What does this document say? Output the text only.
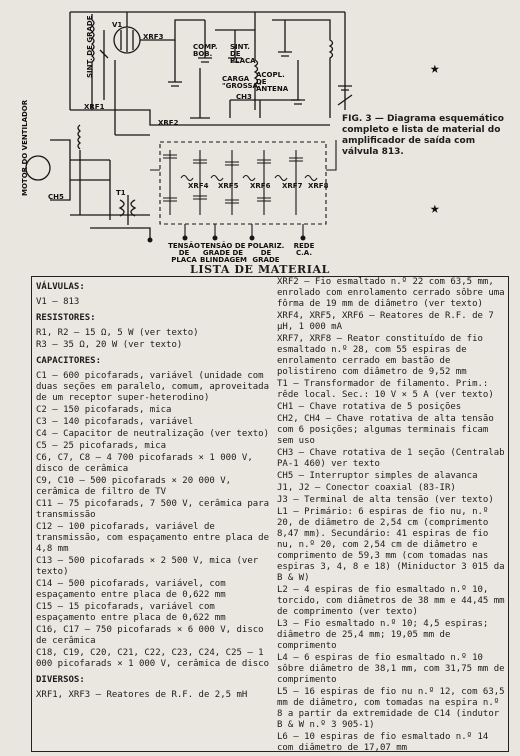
SINT. DE GRADE	V1
XRF3
COMP. BOB.
SINT. DE PLACA
CARGA "GROSSA"
ACOPL. DE ANTENA
CH3
XRF1
MOTOR DO VENTILADOR
CH5
XRF2
XRF4 XRF5 XRF6 XRF7 XRF8
T1
TENSÃO DE PLACA
TENSÃO DE GRADE DE BLINDAGEM
POLARIZ. DE GRADE
REDE C.A.
FIG. 3 — Diagrama esquemático completo e lista de material do amplificador de saída com válvula 813.
★
★
LISTA DE MATERIAL
VÁLVULAS:
V1 — 813
RESISTORES:
R1, R2 — 15 Ω, 5 W (ver texto)
R3 — 35 Ω, 20 W (ver texto)
CAPACITORES:
C1 — 600 picofarads, variável (unidade com duas seções em paralelo, comum, aproveitada de um receptor super-heterodino)
C2 — 150 picofarads, mica
C3 — 140 picofarads, variável
C4 — Capacitor de neutralização (ver texto)
C5 — 25 picofarads, mica
C6, C7, C8 — 4 700 picofarads × 1 000 V, disco de cerâmica
C9, C10 — 500 picofarads × 20 000 V, cerâmica de filtro de TV
C11 — 75 picofarads, 7 500 V, cerâmica para transmissão
C12 — 100 picofarads, variável de transmissão, com espaçamento entre placa de 4,8 mm
C13 — 500 picofarads × 2 500 V, mica (ver texto)
C14 — 500 picofarads, variável, com espaçamento entre placa de 0,622 mm
C15 — 15 picofarads, variável com espaçamento entre placa de 0,622 mm
C16, C17 — 750 picofarads × 6 000 V, disco de cerâmica
C18, C19, C20, C21, C22, C23, C24, C25 — 1 000 picofarads × 1 000 V, cerâmica de disco
DIVERSOS:
XRF1, XRF3 — Reatores de R.F. de 2,5 mH
XRF2 — Fio esmaltado n.º 22 com 63,5 mm, enrolado com enrolamento cerrado sôbre uma fôrma de 19 mm de diâmetro (ver texto)
XRF4, XRF5, XRF6 — Reatores de R.F. de 7 μH, 1 000 mA
XRF7, XRF8 — Reator constituído de fio esmaltado n.º 28, com 55 espiras de enrolamento cerrado em bastão de polistireno com diâmetro de 9,52 mm
T1 — Transformador de filamento. Prim.: rêde local. Sec.: 10 V × 5 A (ver texto)
CH1 — Chave rotativa de 5 posições
CH2, CH4 — Chave rotativa de alta tensão com 6 posições; algumas terminais ficam sem uso
CH3 — Chave rotativa de 1 seção (Centralab PA-1 460) ver texto
CH5 — Interruptor simples de alavanca
J1, J2 — Conector coaxial (83-IR)
J3 — Terminal de alta tensão (ver texto)
L1 — Primário: 6 espiras de fio nu, n.º 20, de diâmetro de 2,54 cm (comprimento 8,47 mm). Secundário: 41 espiras de fio nu, n.º 20, com 2,54 cm de diâmetro e comprimento de 59,3 mm (com tomadas nas espiras 3, 4, 8 e 18) (Miniductor 3 015 da B & W)
L2 — 4 espiras de fio esmaltado n.º 10, torcido, com diâmetros de 38 mm e 44,45 mm de comprimento (ver texto)
L3 — Fio esmaltado n.º 10; 4,5 espiras; diâmetro de 25,4 mm; 19,05 mm de comprimento
L4 — 6 espiras de fio esmaltado n.º 10 sôbre diâmetro de 38,1 mm, com 31,75 mm de comprimento
L5 — 16 espiras de fio nu n.º 12, com 63,5 mm de diâmetro, com tomadas na espira n.º 8 a partir da extremidade de C14 (indutor B & W n.º 3 905-1)
L6 — 10 espiras de fio esmaltado n.º 14 com diâmetro de 17,07 mm
